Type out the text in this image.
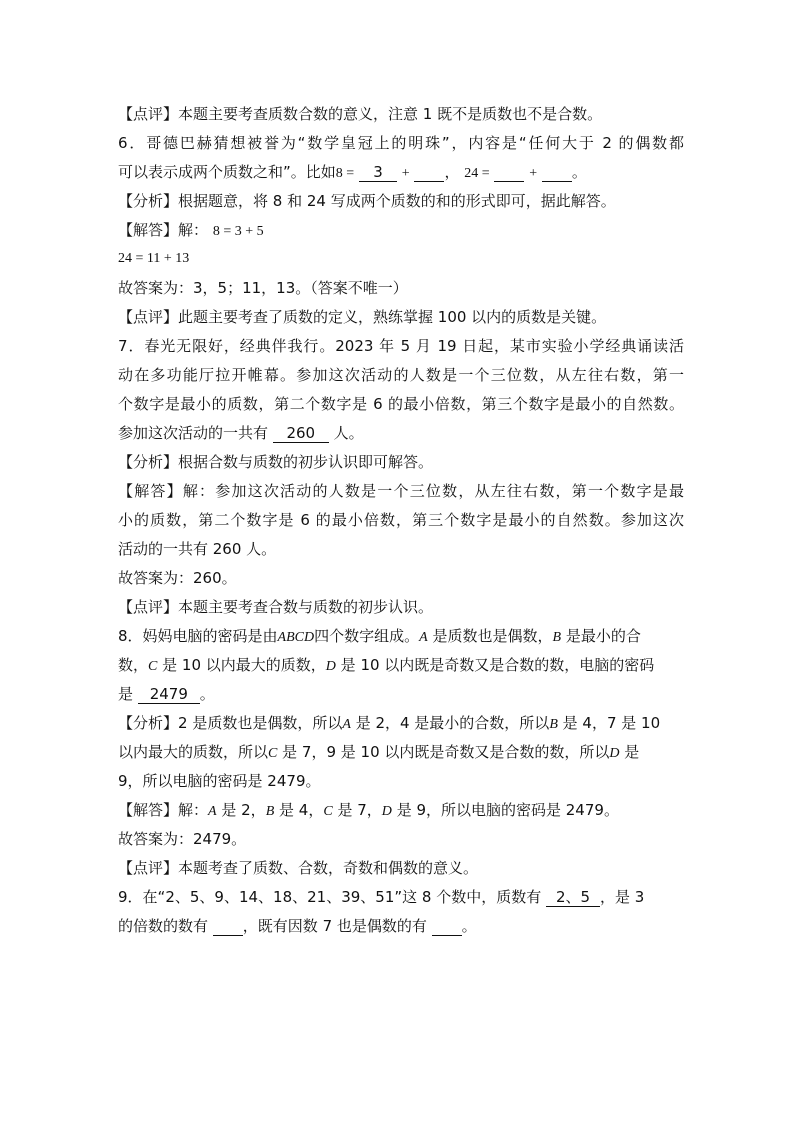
【点评】本题主要考查质数合数的意义，注意 1 既不是质数也不是合数。
6．哥德巴赫猜想被誉为“数学皇冠上的明珠”，内容是“任何大于 2 的偶数都
可以表示成两个质数之和”。比如8 = 3 + ， 24 =	+ 。
【分析】根据题意，将 8 和 24 写成两个质数的和的形式即可，据此解答。
【解答】解： 8 = 3 + 5
24 = 11 + 13
故答案为：3，5；11，13。（答案不唯一）
【点评】此题主要考查了质数的定义，熟练掌握 100 以内的质数是关键。
7．春光无限好，经典伴我行。2023 年 5 月 19 日起，某市实验小学经典诵读活
动在多功能厅拉开帷幕。参加这次活动的人数是一个三位数，从左往右数，第一
个数字是最小的质数，第二个数字是 6 的最小倍数，第三个数字是最小的自然数。
参加这次活动的一共有 260 人。
【分析】根据合数与质数的初步认识即可解答。
【解答】解：参加这次活动的人数是一个三位数，从左往右数，第一个数字是最
小的质数，第二个数字是 6 的最小倍数，第三个数字是最小的自然数。参加这次
活动的一共有 260 人。
故答案为：260。
【点评】本题主要考查合数与质数的初步认识。
8．妈妈电脑的密码是由ABCD四个数字组成。A 是质数也是偶数，B 是最小的合
数，C 是 10 以内最大的质数，D 是 10 以内既是奇数又是合数的数，电脑的密码
是 2479 。
【分析】2 是质数也是偶数，所以A 是 2，4 是最小的合数，所以B 是 4，7 是 10
以内最大的质数，所以C 是 7，9 是 10 以内既是奇数又是合数的数，所以D 是
9，所以电脑的密码是 2479。
【解答】解：A 是 2，B 是 4，C 是 7，D 是 9，所以电脑的密码是 2479。
故答案为：2479。
【点评】本题考查了质数、合数，奇数和偶数的意义。
9．在“2、5、9、14、18、21、39、51”这 8 个数中，质数有 2、5 ，是 3
的倍数的数有 ，既有因数 7 也是偶数的有 。
